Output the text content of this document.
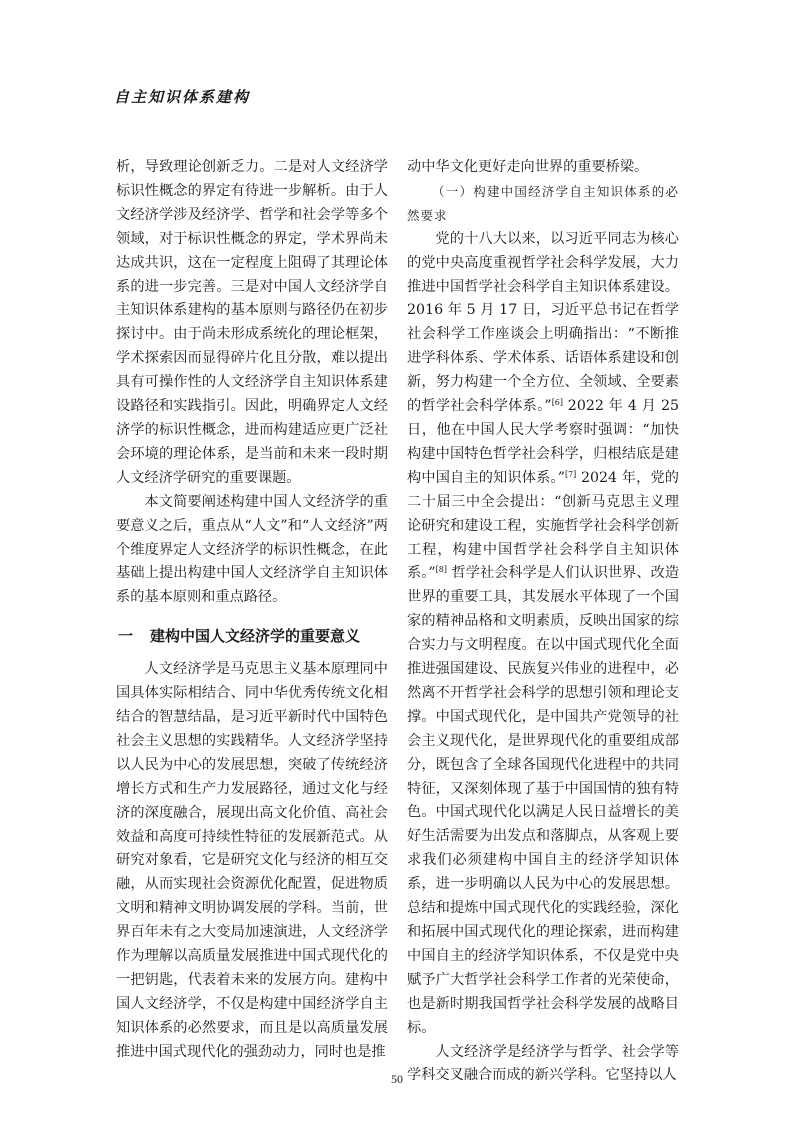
自主知识体系建构

析，导致理论创新乏力。二是对人文经济学标识性概念的界定有待进一步解析。由于人文经济学涉及经济学、哲学和社会学等多个领域，对于标识性概念的界定，学术界尚未达成共识，这在一定程度上阻碍了其理论体系的进一步完善。三是对中国人文经济学自主知识体系建构的基本原则与路径仍在初步探讨中。由于尚未形成系统化的理论框架，学术探索因而显得碎片化且分散，难以提出具有可操作性的人文经济学自主知识体系建设路径和实践指引。因此，明确界定人文经济学的标识性概念，进而构建适应更广泛社会环境的理论体系，是当前和未来一段时期人文经济学研究的重要课题。

本文简要阐述构建中国人文经济学的重要意义之后，重点从“人文”和“人文经济”两个维度界定人文经济学的标识性概念，在此基础上提出构建中国人文经济学自主知识体系的基本原则和重点路径。

一 建构中国人文经济学的重要意义

人文经济学是马克思主义基本原理同中国具体实际相结合、同中华优秀传统文化相结合的智慧结晶，是习近平新时代中国特色社会主义思想的实践精华。人文经济学坚持以人民为中心的发展思想，突破了传统经济增长方式和生产力发展路径，通过文化与经济的深度融合，展现出高文化价值、高社会效益和高度可持续性特征的发展新范式。从研究对象看，它是研究文化与经济的相互交融，从而实现社会资源优化配置，促进物质文明和精神文明协调发展的学科。当前，世界百年未有之大变局加速演进，人文经济学作为理解以高质量发展推进中国式现代化的一把钥匙，代表着未来的发展方向。建构中国人文经济学，不仅是构建中国经济学自主知识体系的必然要求，而且是以高质量发展推进中国式现代化的强劲动力，同时也是推

动中华文化更好走向世界的重要桥梁。

（一）构建中国经济学自主知识体系的必然要求

党的十八大以来，以习近平同志为核心的党中央高度重视哲学社会科学发展，大力推进中国哲学社会科学自主知识体系建设。2016 年 5 月 17 日，习近平总书记在哲学社会科学工作座谈会上明确指出：“不断推进学科体系、学术体系、话语体系建设和创新，努力构建一个全方位、全领域、全要素的哲学社会科学体系。”[6] 2022 年 4 月 25 日，他在中国人民大学考察时强调：“加快构建中国特色哲学社会科学，归根结底是建构中国自主的知识体系。”[7] 2024 年，党的二十届三中全会提出：“创新马克思主义理论研究和建设工程，实施哲学社会科学创新工程，构建中国哲学社会科学自主知识体系。”[8] 哲学社会科学是人们认识世界、改造世界的重要工具，其发展水平体现了一个国家的精神品格和文明素质，反映出国家的综合实力与文明程度。在以中国式现代化全面推进强国建设、民族复兴伟业的进程中，必然离不开哲学社会科学的思想引领和理论支撑。中国式现代化，是中国共产党领导的社会主义现代化，是世界现代化的重要组成部分，既包含了全球各国现代化进程中的共同特征，又深刻体现了基于中国国情的独有特色。中国式现代化以满足人民日益增长的美好生活需要为出发点和落脚点，从客观上要求我们必须建构中国自主的经济学知识体系，进一步明确以人民为中心的发展思想。总结和提炼中国式现代化的实践经验，深化和拓展中国式现代化的理论探索，进而构建中国自主的经济学知识体系，不仅是党中央赋予广大哲学社会科学工作者的光荣使命，也是新时期我国哲学社会科学发展的战略目标。

人文经济学是经济学与哲学、社会学等学科交叉融合而成的新兴学科。它坚持以人

50
